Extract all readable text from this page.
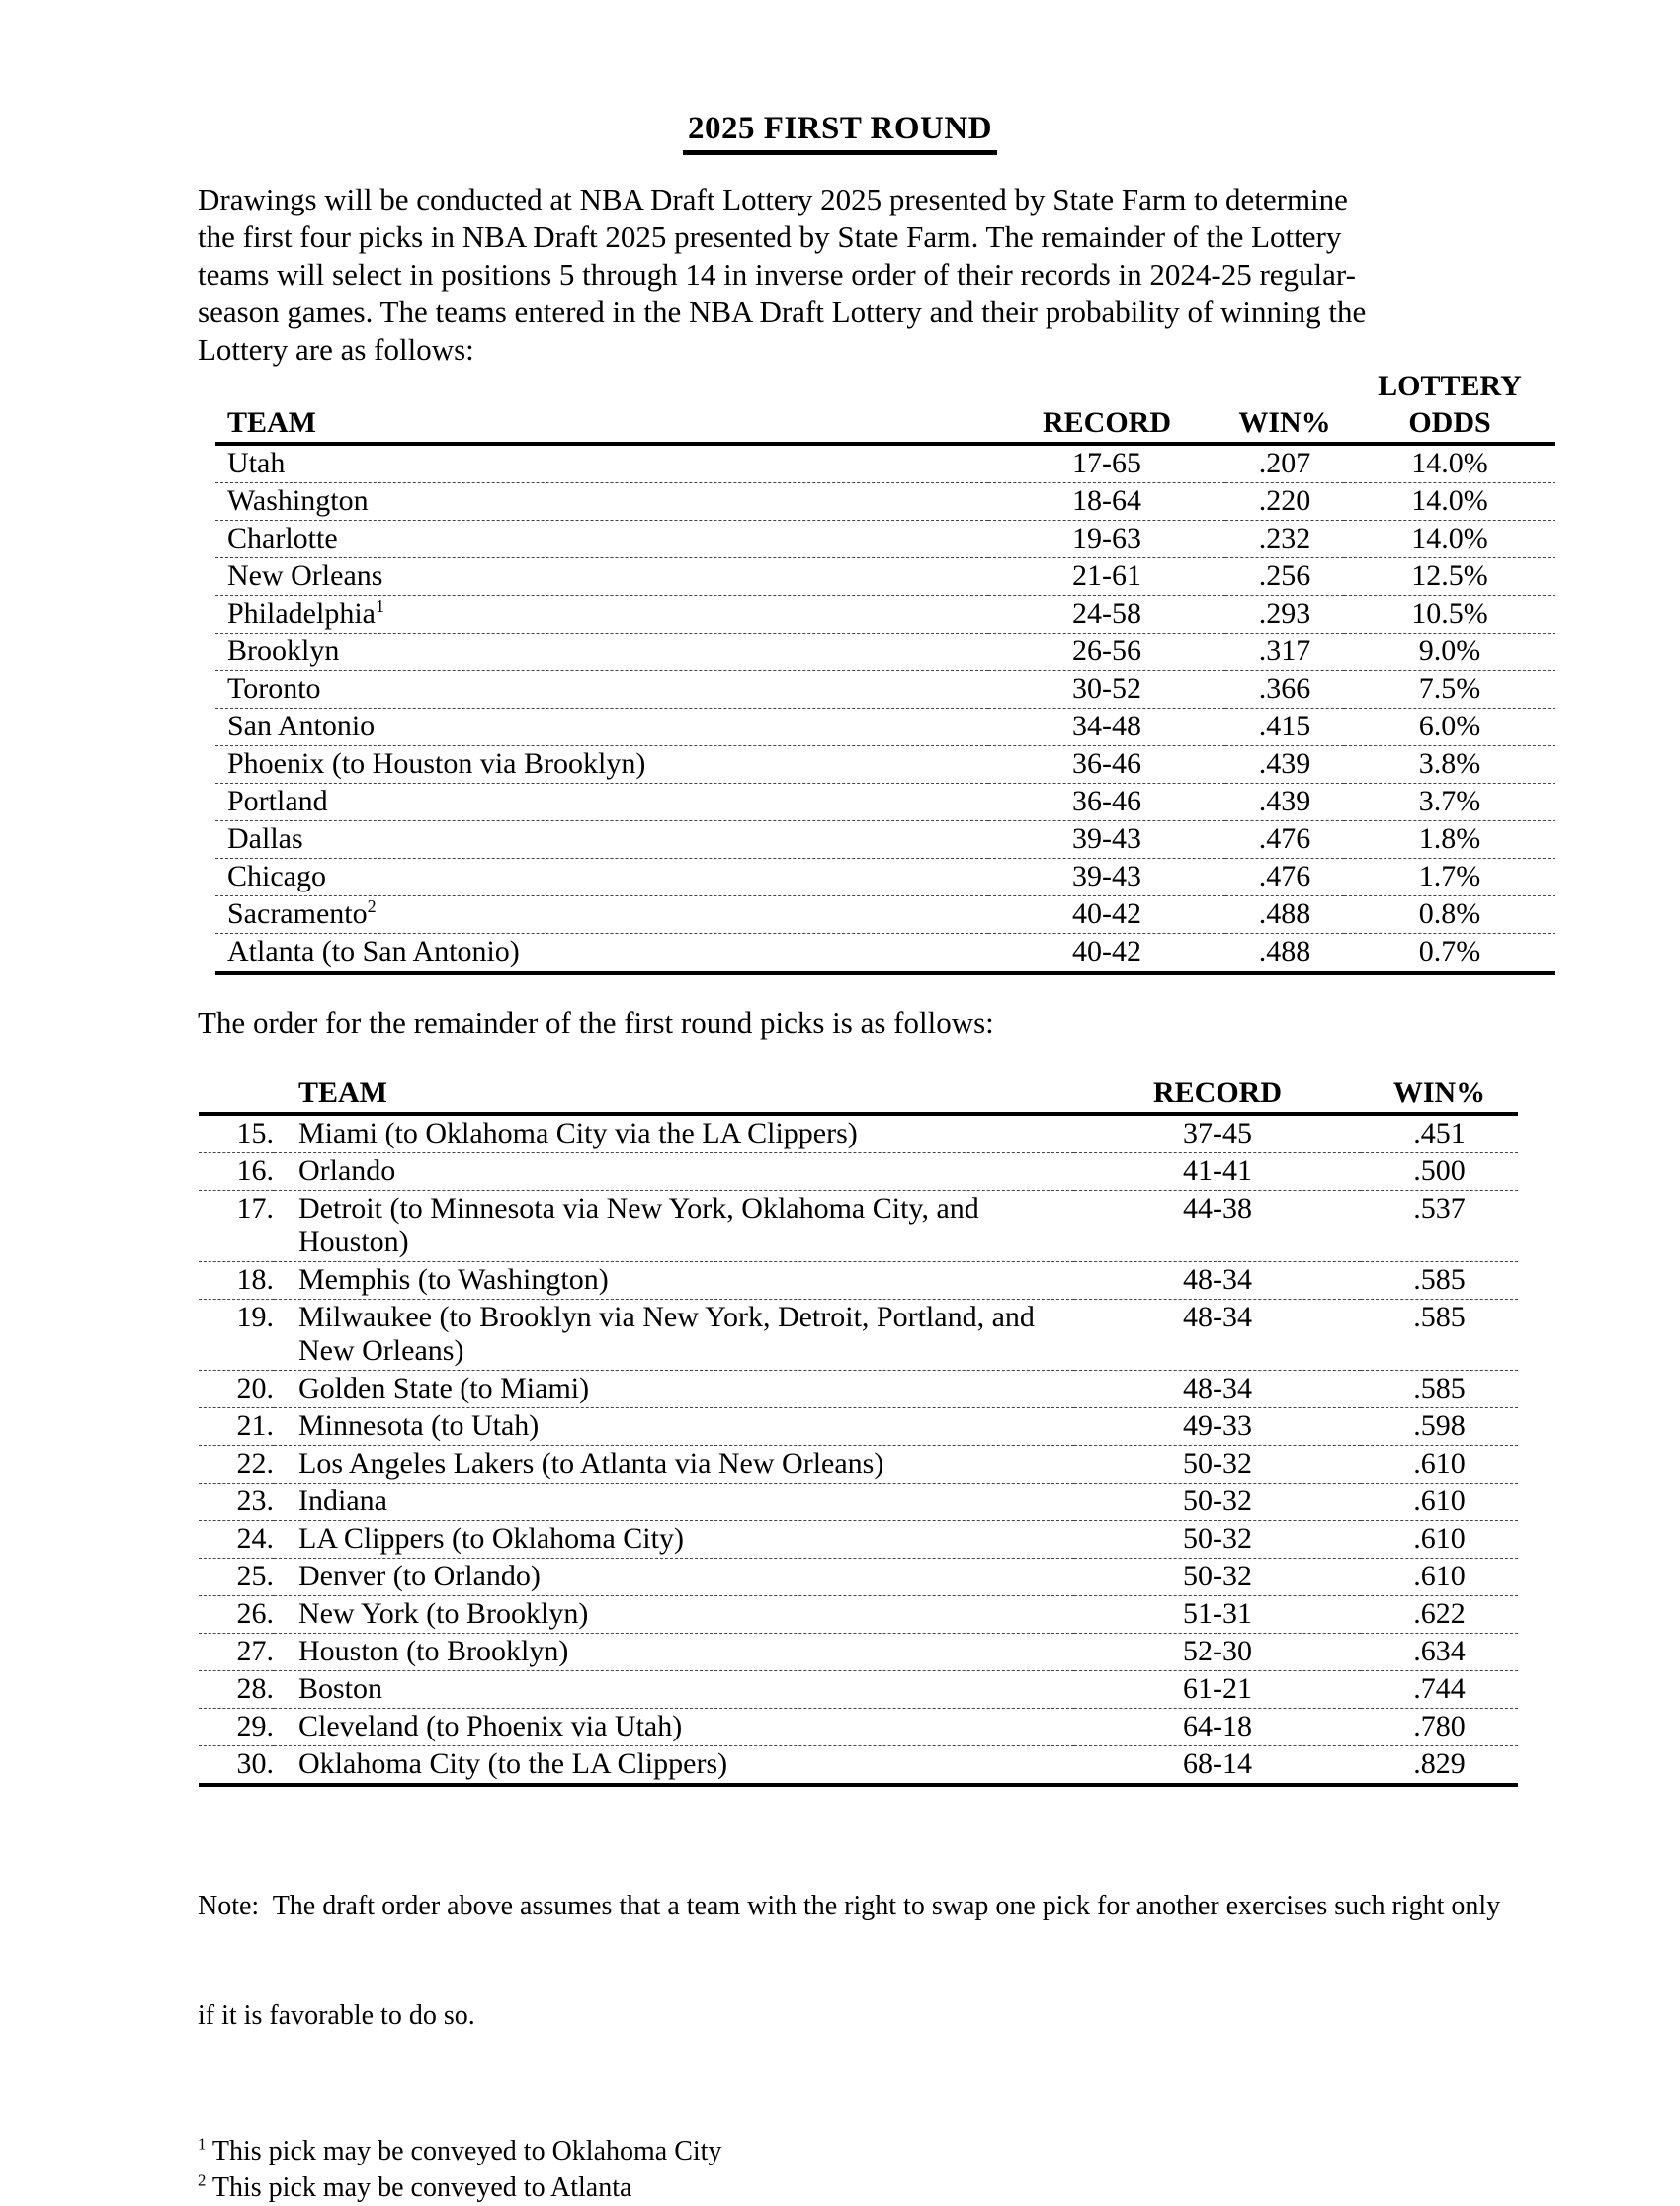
2025 FIRST ROUND
Drawings will be conducted at NBA Draft Lottery 2025 presented by State Farm to determine
the first four picks in NBA Draft 2025 presented by State Farm. The remainder of the Lottery
teams will select in positions 5 through 14 in inverse order of their records in 2024-25 regular-
season games. The teams entered in the NBA Draft Lottery and their probability of winning the
Lottery are as follows:
			LOTTERY
TEAM	RECORD	WIN%	ODDS
Utah	17-65	.207	14.0%
Washington	18-64	.220	14.0%
Charlotte	19-63	.232	14.0%
New Orleans	21-61	.256	12.5%
Philadelphia$^1$	24-58	.293	10.5%
Brooklyn	26-56	.317	9.0%
Toronto	30-52	.366	7.5%
San Antonio	34-48	.415	6.0%
Phoenix (to Houston via Brooklyn)	36-46	.439	3.8%
Portland	36-46	.439	3.7%
Dallas	39-43	.476	1.8%
Chicago	39-43	.476	1.7%
Sacramento$^2$	40-42	.488	0.8%
Atlanta (to San Antonio)	40-42	.488	0.7%
The order for the remainder of the first round picks is as follows:
	TEAM	RECORD	WIN%
15.	Miami (to Oklahoma City via the LA Clippers)	37-45	.451
16.	Orlando	41-41	.500
17.	Detroit (to Minnesota via New York, Oklahoma City, and
Houston)	44-38	.537
18.	Memphis (to Washington)	48-34	.585
19.	Milwaukee (to Brooklyn via New York, Detroit, Portland, and
New Orleans)	48-34	.585
20.	Golden State (to Miami)	48-34	.585
21.	Minnesota (to Utah)	49-33	.598
22.	Los Angeles Lakers (to Atlanta via New Orleans)	50-32	.610
23.	Indiana	50-32	.610
24.	LA Clippers (to Oklahoma City)	50-32	.610
25.	Denver (to Orlando)	50-32	.610
26.	New York (to Brooklyn)	51-31	.622
27.	Houston (to Brooklyn)	52-30	.634
28.	Boston	61-21	.744
29.	Cleveland (to Phoenix via Utah)	64-18	.780
30.	Oklahoma City (to the LA Clippers)	68-14	.829

Note:  The draft order above assumes that a team with the right to swap one pick for another exercises such right only

if it is favorable to do so.

$^1$ This pick may be conveyed to Oklahoma City
$^2$ This pick may be conveyed to Atlanta
